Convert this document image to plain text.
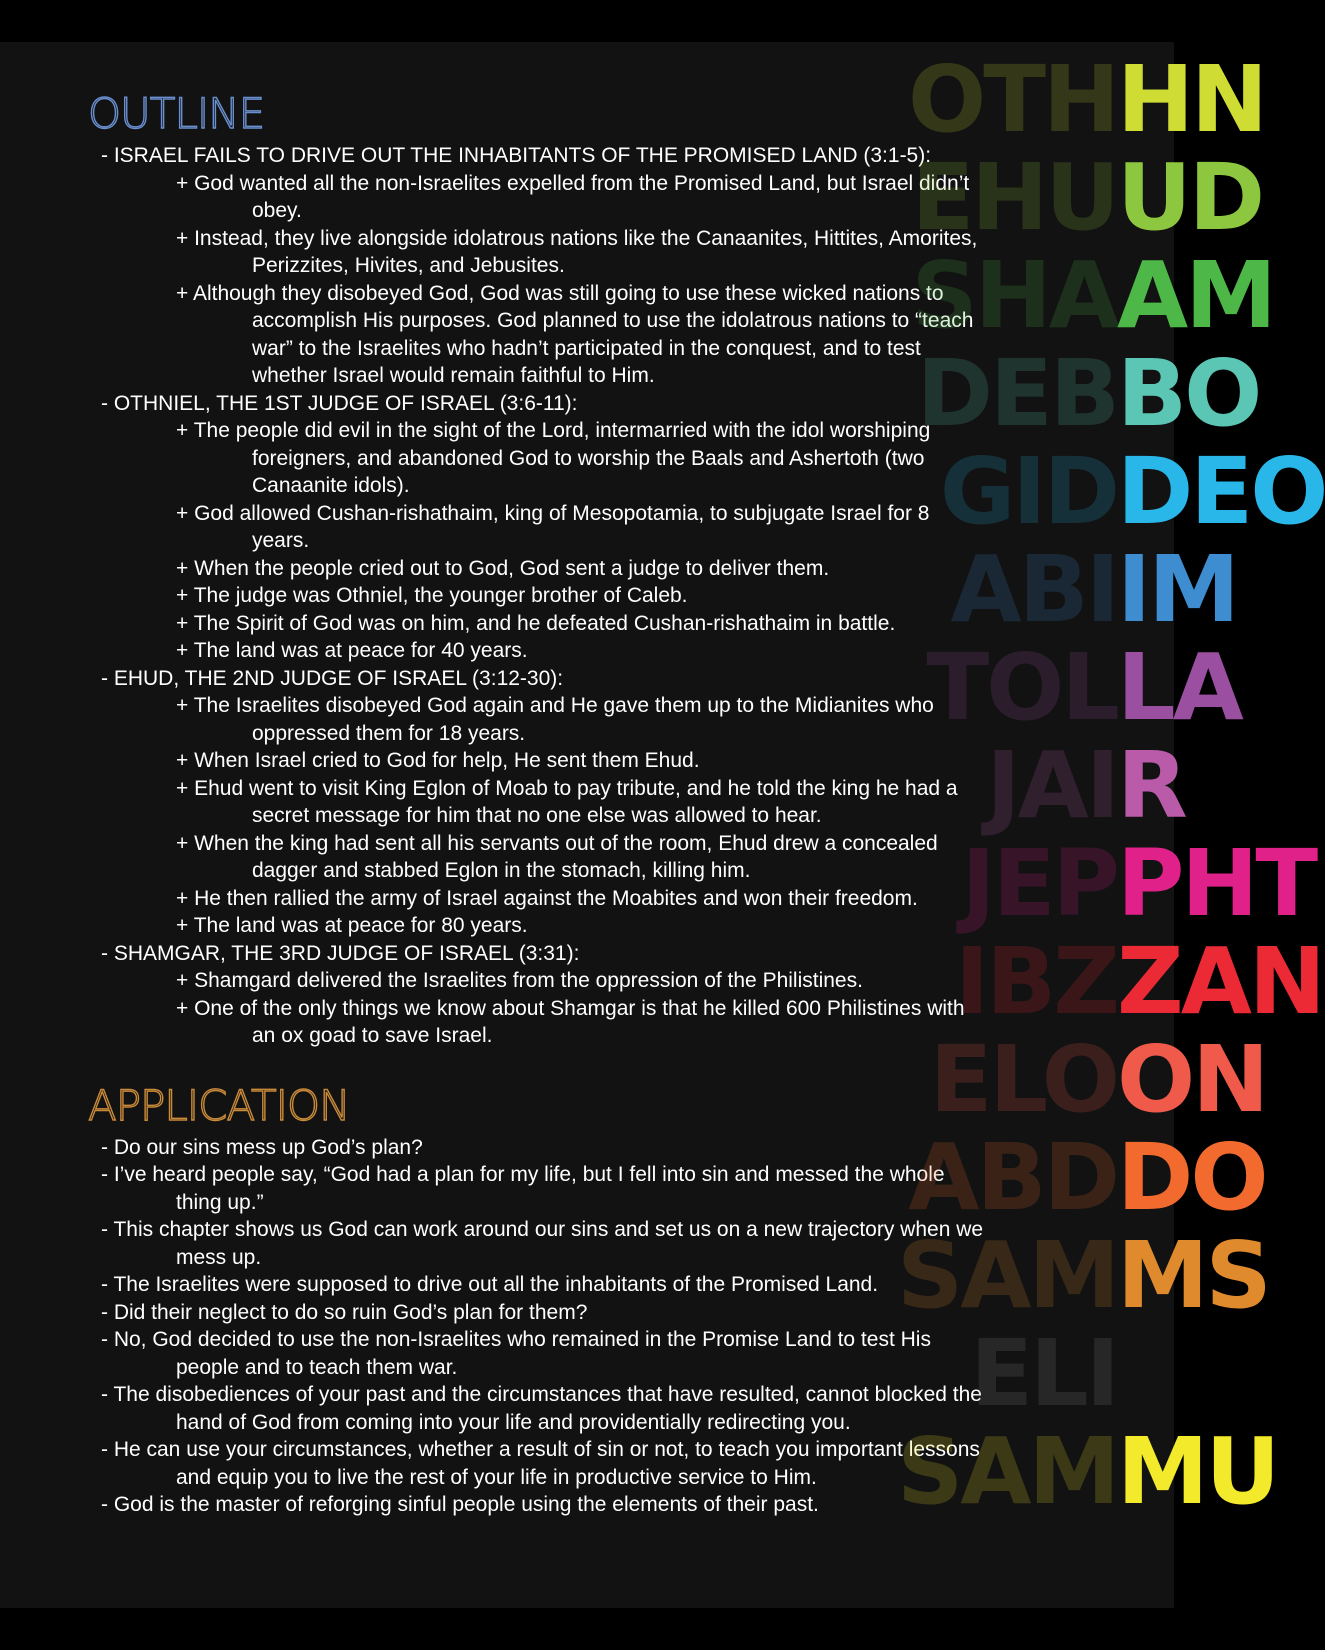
OUTLINE
- ISRAEL FAILS TO DRIVE OUT THE INHABITANTS OF THE PROMISED LAND (3:1-5):
+ God wanted all the non-Israelites expelled from the Promised Land, but Israel didn’t obey.
+ Instead, they live alongside idolatrous nations like the Canaanites, Hittites, Amorites, Perizzites, Hivites, and Jebusites.
+ Although they disobeyed God, God was still going to use these wicked nations to accomplish His purposes. God planned to use the idolatrous nations to “teach war” to the Israelites who hadn’t participated in the conquest, and to test whether Israel would remain faithful to Him.
- OTHNIEL, THE 1ST JUDGE OF ISRAEL (3:6-11):
+ The people did evil in the sight of the Lord, intermarried with the idol worshiping foreigners, and abandoned God to worship the Baals and Ashertoth (two Canaanite idols).
+ God allowed Cushan-rishathaim, king of Mesopotamia, to subjugate Israel for 8 years.
+ When the people cried out to God, God sent a judge to deliver them.
+ The judge was Othniel, the younger brother of Caleb.
+ The Spirit of God was on him, and he defeated Cushan-rishathaim in battle.
+ The land was at peace for 40 years.
- EHUD, THE 2ND JUDGE OF ISRAEL (3:12-30):
+ The Israelites disobeyed God again and He gave them up to the Midianites who oppressed them for 18 years.
+ When Israel cried to God for help, He sent them Ehud.
+ Ehud went to visit King Eglon of Moab to pay tribute, and he told the king he had a secret message for him that no one else was allowed to hear.
+ When the king had sent all his servants out of the room, Ehud drew a concealed dagger and stabbed Eglon in the stomach, killing him.
+ He then rallied the army of Israel against the Moabites and won their freedom.
+ The land was at peace for 80 years.
- SHAMGAR, THE 3RD JUDGE OF ISRAEL (3:31):
+ Shamgard delivered the Israelites from the oppression of the Philistines.
+ One of the only things we know about Shamgar is that he killed 600 Philistines with an ox goad to save Israel.
APPLICATION
- Do our sins mess up God’s plan?
- I’ve heard people say, “God had a plan for my life, but I fell into sin and messed the whole thing up.”
- This chapter shows us God can work around our sins and set us on a new trajectory when we mess up.
- The Israelites were supposed to drive out all the inhabitants of the Promised Land.
- Did their neglect to do so ruin God’s plan for them?
- No, God decided to use the non-Israelites who remained in the Promise Land to test His people and to teach them war.
- The disobediences of your past and the circumstances that have resulted, cannot blocked the hand of God from coming into your life and providentially redirecting you.
- He can use your circumstances, whether a result of sin or not, to teach you important lessons and equip you to live the rest of your life in productive service to Him.
- God is the master of reforging sinful people using the elements of their past.
OTHHN
EHUUD
SHAAM
DEBBO
GIDDEO
ABIIM
TOLLA
JAIR
JEPPHT
IBZZAN
ELOON
ABDDO
SAMMS
ELI
SAMMU
